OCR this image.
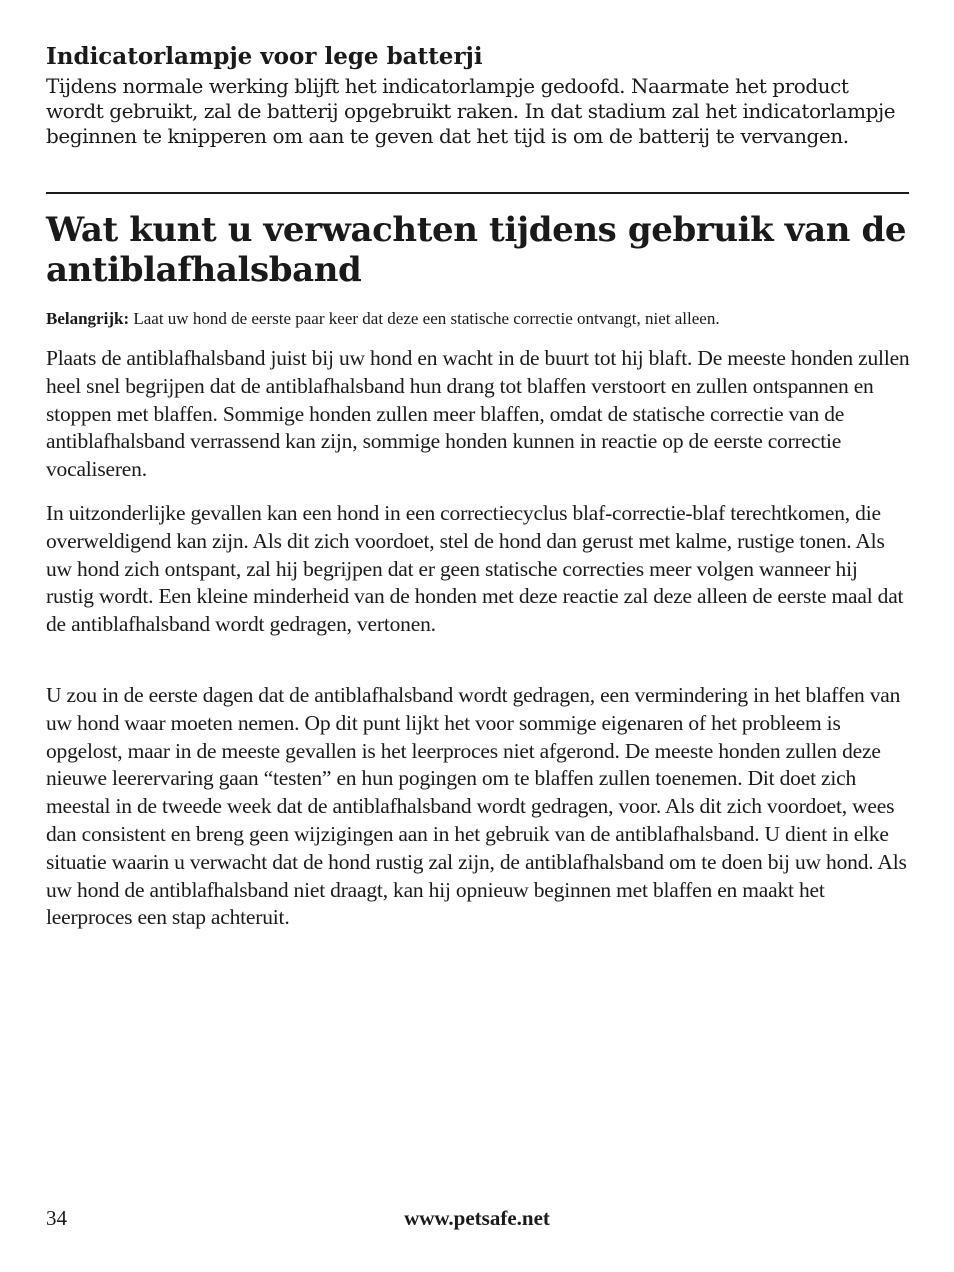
Indicatorlampje voor lege batterji

Tijdens normale werking blijft het indicatorlampje gedoofd. Naarmate het product wordt gebruikt, zal de batterij opgebruikt raken. In dat stadium zal het indicatorlampje beginnen te knipperen om aan te geven dat het tijd is om de batterij te vervangen.

Wat kunt u verwachten tijdens gebruik van de antiblafhalsband

Belangrijk: Laat uw hond de eerste paar keer dat deze een statische correctie ontvangt, niet alleen.

Plaats de antiblafhalsband juist bij uw hond en wacht in de buurt tot hij blaft. De meeste honden zullen heel snel begrijpen dat de antiblafhalsband hun drang tot blaffen verstoort en zullen ontspannen en stoppen met blaffen. Sommige honden zullen meer blaffen, omdat de statische correctie van de antiblafhalsband verrassend kan zijn, sommige honden kunnen in reactie op de eerste correctie vocaliseren.

In uitzonderlijke gevallen kan een hond in een correctiecyclus blaf-correctie-blaf terechtkomen, die overweldigend kan zijn. Als dit zich voordoet, stel de hond dan gerust met kalme, rustige tonen. Als uw hond zich ontspant, zal hij begrijpen dat er geen statische correcties meer volgen wanneer hij rustig wordt. Een kleine minderheid van de honden met deze reactie zal deze alleen de eerste maal dat de antiblafhalsband wordt gedragen, vertonen.

U zou in de eerste dagen dat de antiblafhalsband wordt gedragen, een vermindering in het blaffen van uw hond waar moeten nemen. Op dit punt lijkt het voor sommige eigenaren of het probleem is opgelost, maar in de meeste gevallen is het leerproces niet afgerond. De meeste honden zullen deze nieuwe leerervaring gaan “testen” en hun pogingen om te blaffen zullen toenemen. Dit doet zich meestal in de tweede week dat de antiblafhalsband wordt gedragen, voor. Als dit zich voordoet, wees dan consistent en breng geen wijzigingen aan in het gebruik van de antiblafhalsband. U dient in elke situatie waarin u verwacht dat de hond rustig zal zijn, de antiblafhalsband om te doen bij uw hond. Als uw hond de antiblafhalsband niet draagt, kan hij opnieuw beginnen met blaffen en maakt het leerproces een stap achteruit.

34	www.petsafe.net
